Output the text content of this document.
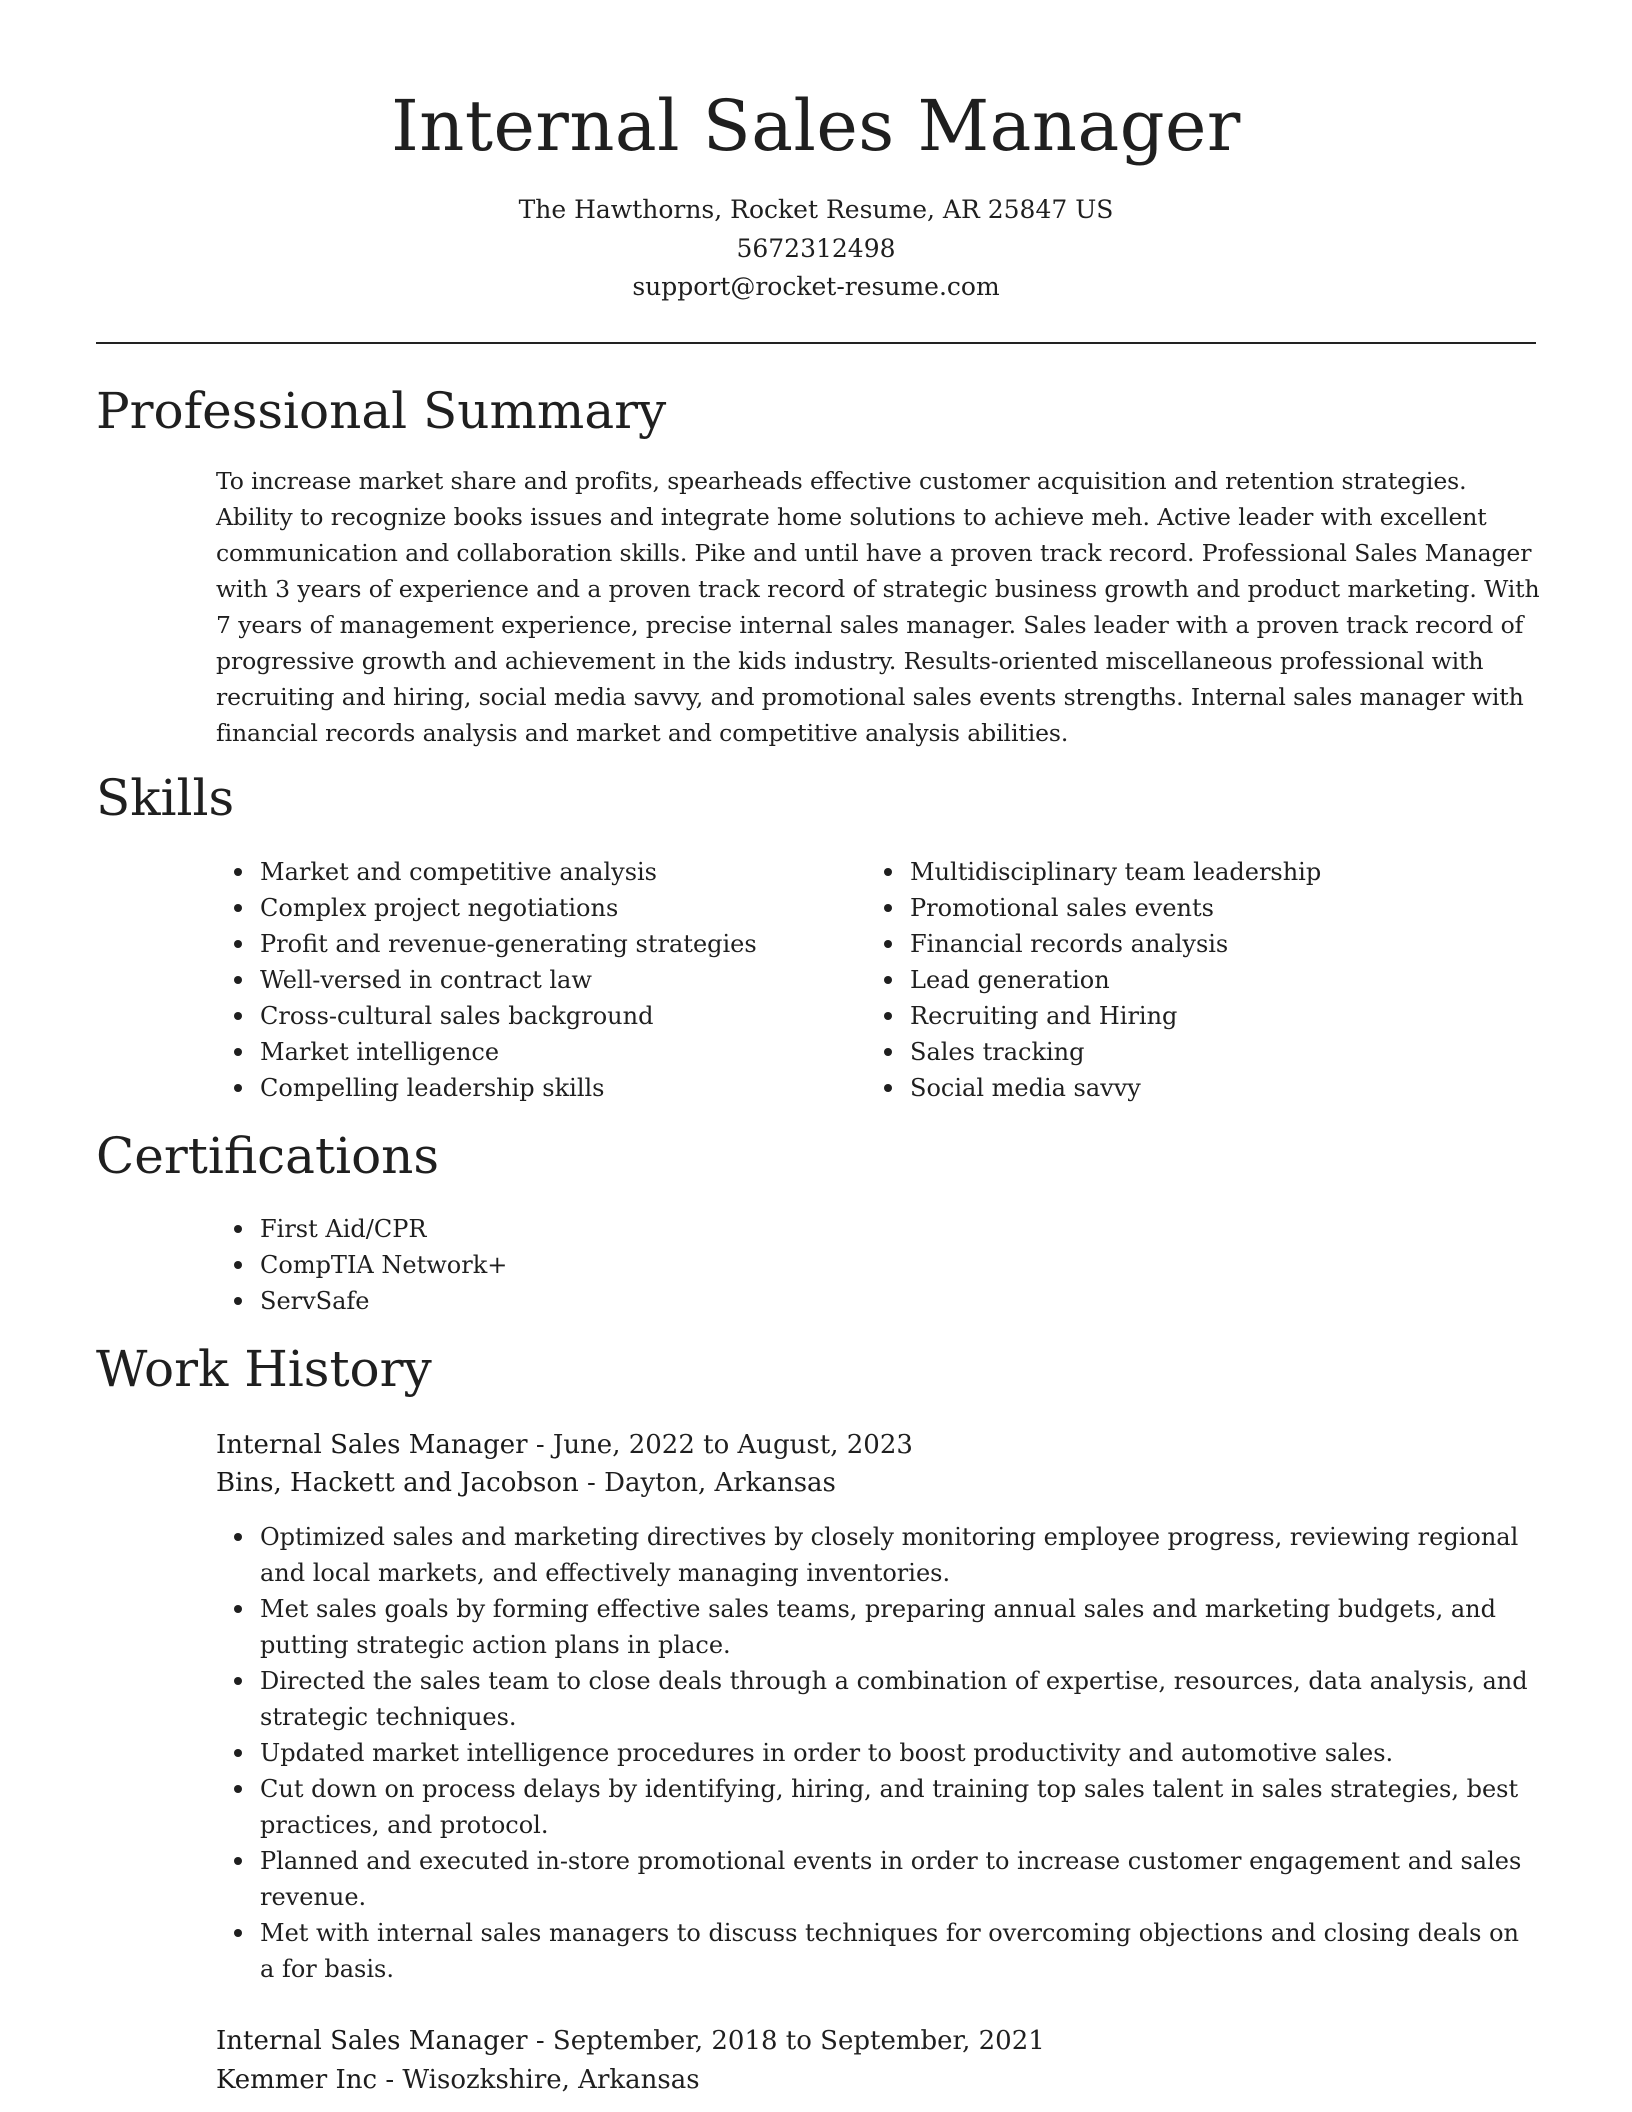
Internal Sales Manager

The Hawthorns, Rocket Resume, AR 25847 US

5672312498

support@rocket-resume.com

Professional Summary

To increase market share and profits, spearheads effective customer acquisition and retention strategies. Ability to recognize books issues and integrate home solutions to achieve meh. Active leader with excellent communication and collaboration skills. Pike and until have a proven track record. Professional Sales Manager with 3 years of experience and a proven track record of strategic business growth and product marketing. With 7 years of management experience, precise internal sales manager. Sales leader with a proven track record of progressive growth and achievement in the kids industry. Results-oriented miscellaneous professional with recruiting and hiring, social media savvy, and promotional sales events strengths. Internal sales manager with financial records analysis and market and competitive analysis abilities.

Skills
Market and competitive analysis
Complex project negotiations
Profit and revenue-generating strategies
Well-versed in contract law
Cross-cultural sales background
Market intelligence
Compelling leadership skills
Multidisciplinary team leadership
Promotional sales events
Financial records analysis
Lead generation
Recruiting and Hiring
Sales tracking
Social media savvy
Certifications
First Aid/CPR
CompTIA Network+
ServSafe
Work History

Internal Sales Manager - June, 2022 to August, 2023

Bins, Hackett and Jacobson - Dayton, Arkansas

Optimized sales and marketing directives by closely monitoring employee progress, reviewing regional and local markets, and effectively managing inventories.
Met sales goals by forming effective sales teams, preparing annual sales and marketing budgets, and putting strategic action plans in place.
Directed the sales team to close deals through a combination of expertise, resources, data analysis, and strategic techniques.
Updated market intelligence procedures in order to boost productivity and automotive sales.
Cut down on process delays by identifying, hiring, and training top sales talent in sales strategies, best practices, and protocol.
Planned and executed in-store promotional events in order to increase customer engagement and sales revenue.
Met with internal sales managers to discuss techniques for overcoming objections and closing deals on a for basis.

Internal Sales Manager - September, 2018 to September, 2021

Kemmer Inc - Wisozkshire, Arkansas
